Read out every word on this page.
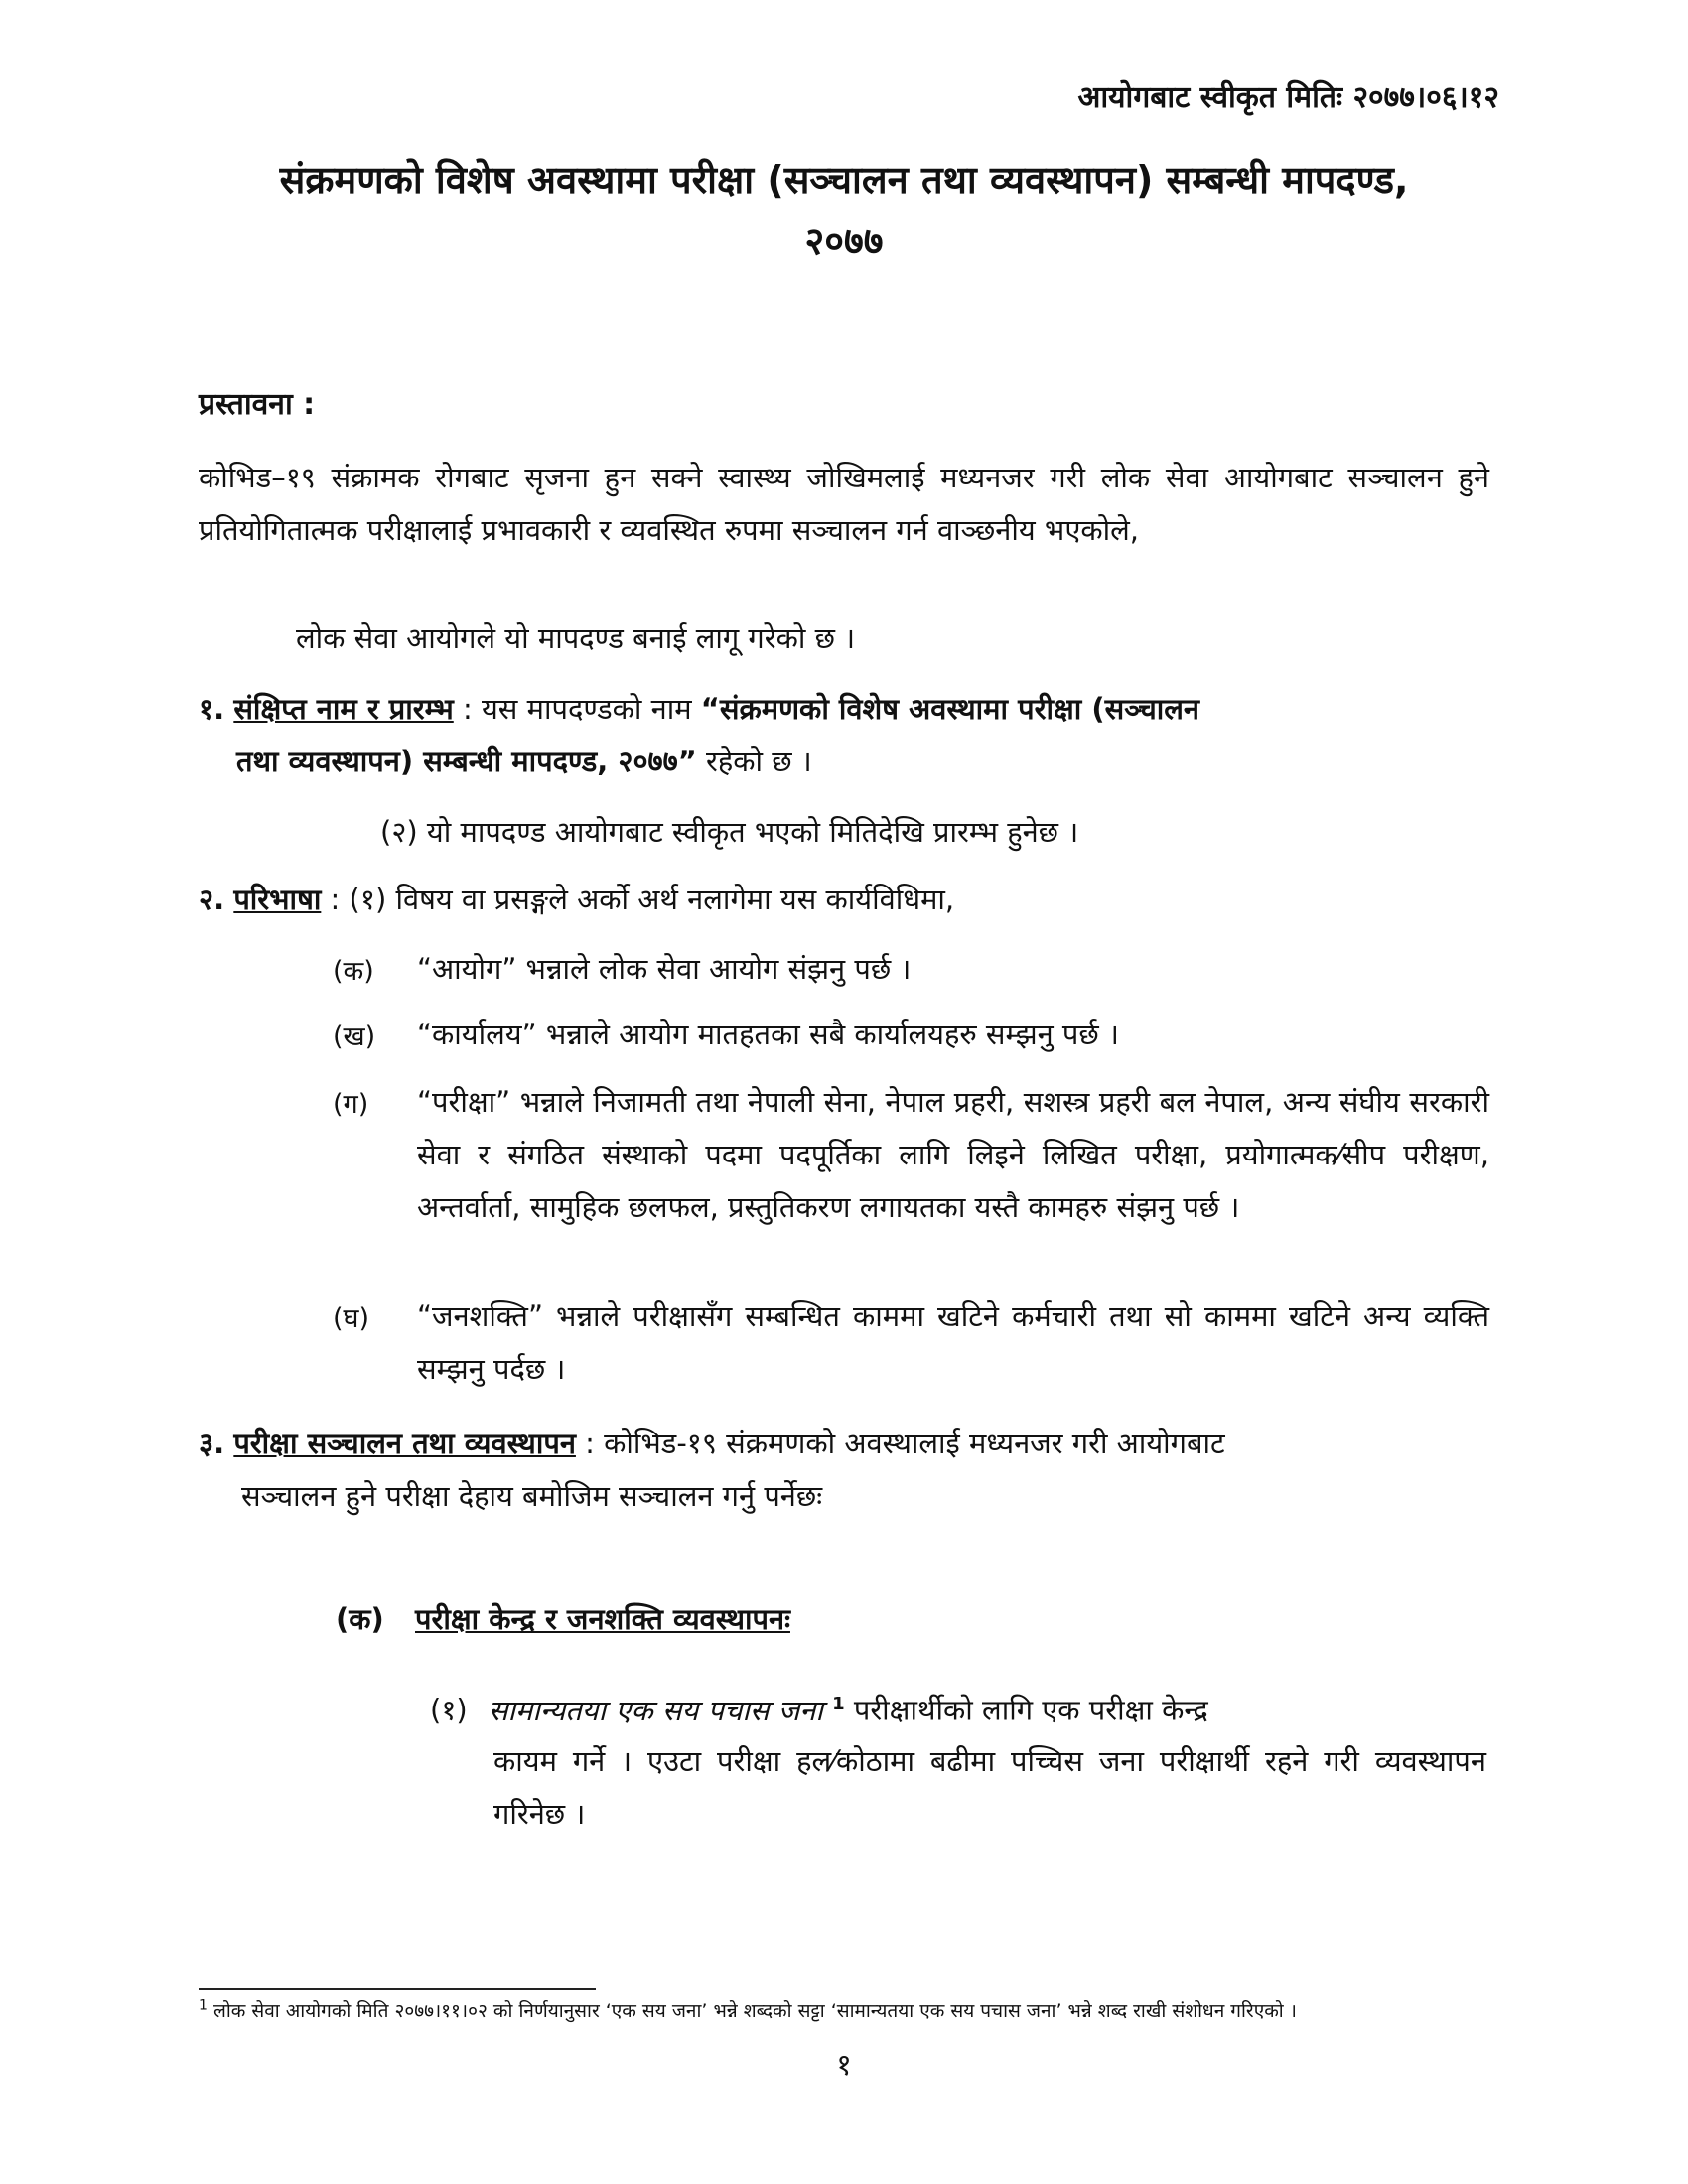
आयोगबाट स्वीकृत मितिः २०७७।०६।१२
संक्रमणको विशेष अवस्थामा परीक्षा (सञ्चालन तथा व्यवस्थापन) सम्बन्धी मापदण्ड,
२०७७
प्रस्तावना :
कोभिड–१९ संक्रामक रोगबाट सृजना हुन सक्ने स्वास्थ्य जोखिमलाई मध्यनजर गरी लोक सेवा आयोगबाट सञ्चालन हुने प्रतियोगितात्मक परीक्षालाई प्रभावकारी र व्यवस्थित रुपमा सञ्चालन गर्न वाञ्छनीय भएकोले,
लोक सेवा आयोगले यो मापदण्ड बनाई लागू गरेको छ ।
१. संक्षिप्त नाम र प्रारम्भ : यस मापदण्डको नाम “संक्रमणको विशेष अवस्थामा परीक्षा (सञ्चालन
तथा व्यवस्थापन) सम्बन्धी मापदण्ड, २०७७” रहेको छ ।
(२) यो मापदण्ड आयोगबाट स्वीकृत भएको मितिदेखि प्रारम्भ हुनेछ ।
२. परिभाषा : (१) विषय वा प्रसङ्गले अर्को अर्थ नलागेमा यस कार्यविधिमा,
(क) “आयोग” भन्नाले लोक सेवा आयोग संझनु पर्छ ।
(ख) “कार्यालय” भन्नाले आयोग मातहतका सबै कार्यालयहरु सम्झनु पर्छ ।
(ग) “परीक्षा” भन्नाले निजामती तथा नेपाली सेना, नेपाल प्रहरी, सशस्त्र प्रहरी बल नेपाल, अन्य संघीय सरकारी सेवा र संगठित संस्थाको पदमा पदपूर्तिका लागि लिइने लिखित परीक्षा, प्रयोगात्मक⁄सीप परीक्षण, अन्तर्वार्ता, सामुहिक छलफल, प्रस्तुतिकरण लगायतका यस्तै कामहरु संझनु पर्छ ।
(घ) “जनशक्ति” भन्नाले परीक्षासँग सम्बन्धित काममा खटिने कर्मचारी तथा सो काममा खटिने अन्य व्यक्ति सम्झनु पर्दछ ।
३. परीक्षा सञ्चालन तथा व्यवस्थापन : कोभिड-१९ संक्रमणको अवस्थालाई मध्यनजर गरी आयोगबाट
सञ्चालन हुने परीक्षा देहाय बमोजिम सञ्चालन गर्नु पर्नेछः
(क) परीक्षा केन्द्र र जनशक्ति व्यवस्थापनः
(१) सामान्यतया एक सय पचास जना $^1$ परीक्षार्थीको लागि एक परीक्षा केन्द्र
कायम गर्ने । एउटा परीक्षा हल⁄कोठामा बढीमा पच्चिस जना परीक्षार्थी रहने गरी व्यवस्थापन गरिनेछ ।
$^1$ लोक सेवा आयोगको मिति २०७७।११।०२ को निर्णयानुसार ‘एक सय जना’ भन्ने शब्दको सट्टा ‘सामान्यतया एक सय पचास जना’ भन्ने शब्द राखी संशोधन गरिएको ।
१
